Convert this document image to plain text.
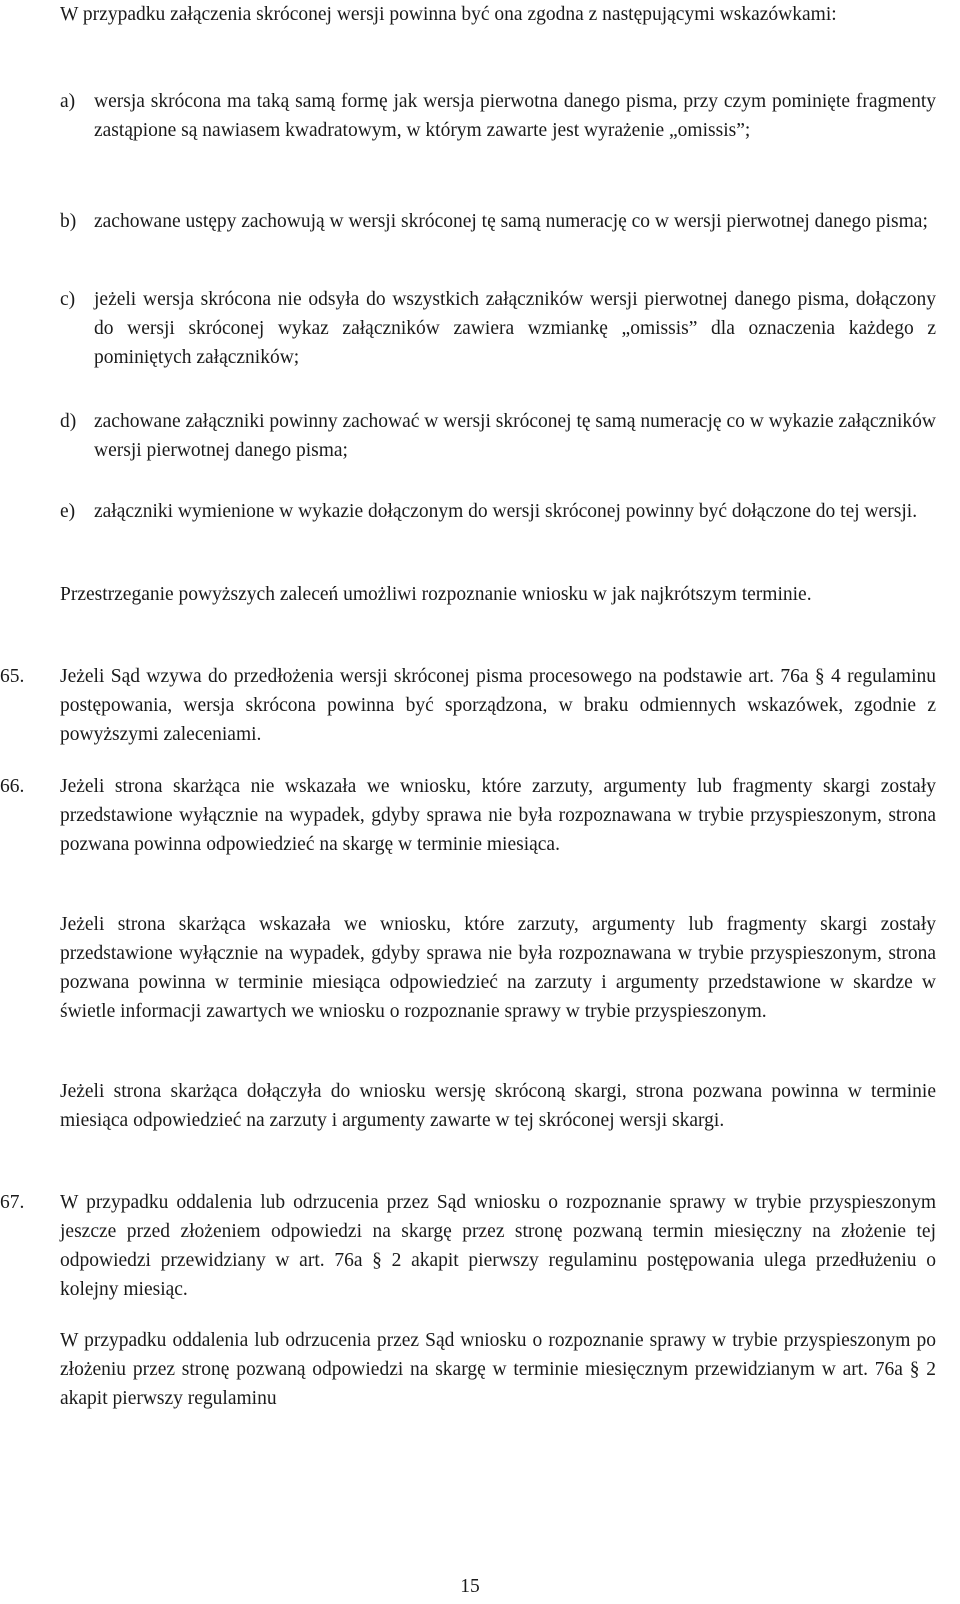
W przypadku załączenia skróconej wersji powinna być ona zgodna z następującymi wskazówkami:
a) wersja skrócona ma taką samą formę jak wersja pierwotna danego pisma, przy czym pominięte fragmenty zastąpione są nawiasem kwadratowym, w którym zawarte jest wyrażenie „omissis”;
b) zachowane ustępy zachowują w wersji skróconej tę samą numerację co w wersji pierwotnej danego pisma;
c) jeżeli wersja skrócona nie odsyła do wszystkich załączników wersji pierwotnej danego pisma, dołączony do wersji skróconej wykaz załączników zawiera wzmiankę „omissis” dla oznaczenia każdego z pominiętych załączników;
d) zachowane załączniki powinny zachować w wersji skróconej tę samą numerację co w wykazie załączników wersji pierwotnej danego pisma;
e) załączniki wymienione w wykazie dołączonym do wersji skróconej powinny być dołączone do tej wersji.
Przestrzeganie powyższych zaleceń umożliwi rozpoznanie wniosku w jak najkrótszym terminie.
65.	Jeżeli Sąd wzywa do przedłożenia wersji skróconej pisma procesowego na podstawie art. 76a § 4 regulaminu postępowania, wersja skrócona powinna być sporządzona, w braku odmiennych wskazówek, zgodnie z powyższymi zaleceniami.
66.	Jeżeli strona skarżąca nie wskazała we wniosku, które zarzuty, argumenty lub fragmenty skargi zostały przedstawione wyłącznie na wypadek, gdyby sprawa nie była rozpoznawana w trybie przyspieszonym, strona pozwana powinna odpowiedzieć na skargę w terminie miesiąca.
Jeżeli strona skarżąca wskazała we wniosku, które zarzuty, argumenty lub fragmenty skargi zostały przedstawione wyłącznie na wypadek, gdyby sprawa nie była rozpoznawana w trybie przyspieszonym, strona pozwana powinna w terminie miesiąca odpowiedzieć na zarzuty i argumenty przedstawione w skardze w świetle informacji zawartych we wniosku o rozpoznanie sprawy w trybie przyspieszonym.
Jeżeli strona skarżąca dołączyła do wniosku wersję skróconą skargi, strona pozwana powinna w terminie miesiąca odpowiedzieć na zarzuty i argumenty zawarte w tej skróconej wersji skargi.
67.	W przypadku oddalenia lub odrzucenia przez Sąd wniosku o rozpoznanie sprawy w trybie przyspieszonym jeszcze przed złożeniem odpowiedzi na skargę przez stronę pozwaną termin miesięczny na złożenie tej odpowiedzi przewidziany w art. 76a § 2 akapit pierwszy regulaminu postępowania ulega przedłużeniu o kolejny miesiąc.
W przypadku oddalenia lub odrzucenia przez Sąd wniosku o rozpoznanie sprawy w trybie przyspieszonym po złożeniu przez stronę pozwaną odpowiedzi na skargę w terminie miesięcznym przewidzianym w art. 76a § 2 akapit pierwszy regulaminu
15
